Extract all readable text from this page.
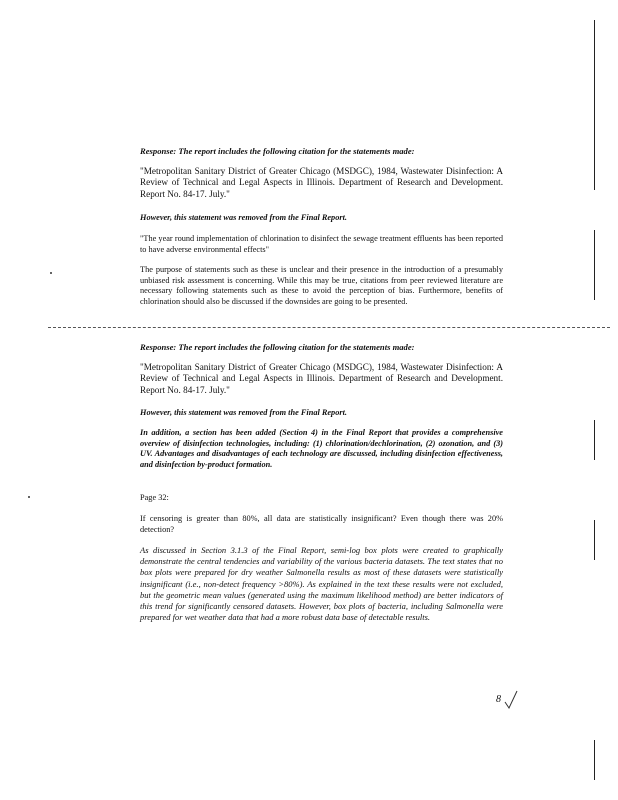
Response: The report includes the following citation for the statements made:

"Metropolitan Sanitary District of Greater Chicago (MSDGC), 1984, Wastewater Disinfection: A Review of Technical and Legal Aspects in Illinois. Department of Research and Development. Report No. 84-17. July."

However, this statement was removed from the Final Report.

"The year round implementation of chlorination to disinfect the sewage treatment effluents has been reported to have adverse environmental effects"

The purpose of statements such as these is unclear and their presence in the introduction of a presumably unbiased risk assessment is concerning. While this may be true, citations from peer reviewed literature are necessary following statements such as these to avoid the perception of bias. Furthermore, benefits of chlorination should also be discussed if the downsides are going to be presented.

Response: The report includes the following citation for the statements made:

"Metropolitan Sanitary District of Greater Chicago (MSDGC), 1984, Wastewater Disinfection: A Review of Technical and Legal Aspects in Illinois. Department of Research and Development. Report No. 84-17. July."

However, this statement was removed from the Final Report.

In addition, a section has been added (Section 4) in the Final Report that provides a comprehensive overview of disinfection technologies, including: (1) chlorination/dechlorination, (2) ozonation, and (3) UV. Advantages and disadvantages of each technology are discussed, including disinfection effectiveness, and disinfection by-product formation.

Page 32:

If censoring is greater than 80%, all data are statistically insignificant? Even though there was 20% detection?

As discussed in Section 3.1.3 of the Final Report, semi-log box plots were created to graphically demonstrate the central tendencies and variability of the various bacteria datasets. The text states that no box plots were prepared for dry weather Salmonella results as most of these datasets were statistically insignificant (i.e., non-detect frequency >80%). As explained in the text these results were not excluded, but the geometric mean values (generated using the maximum likelihood method) are better indicators of this trend for significantly censored datasets. However, box plots of bacteria, including Salmonella were prepared for wet weather data that had a more robust data base of detectable results.

8
